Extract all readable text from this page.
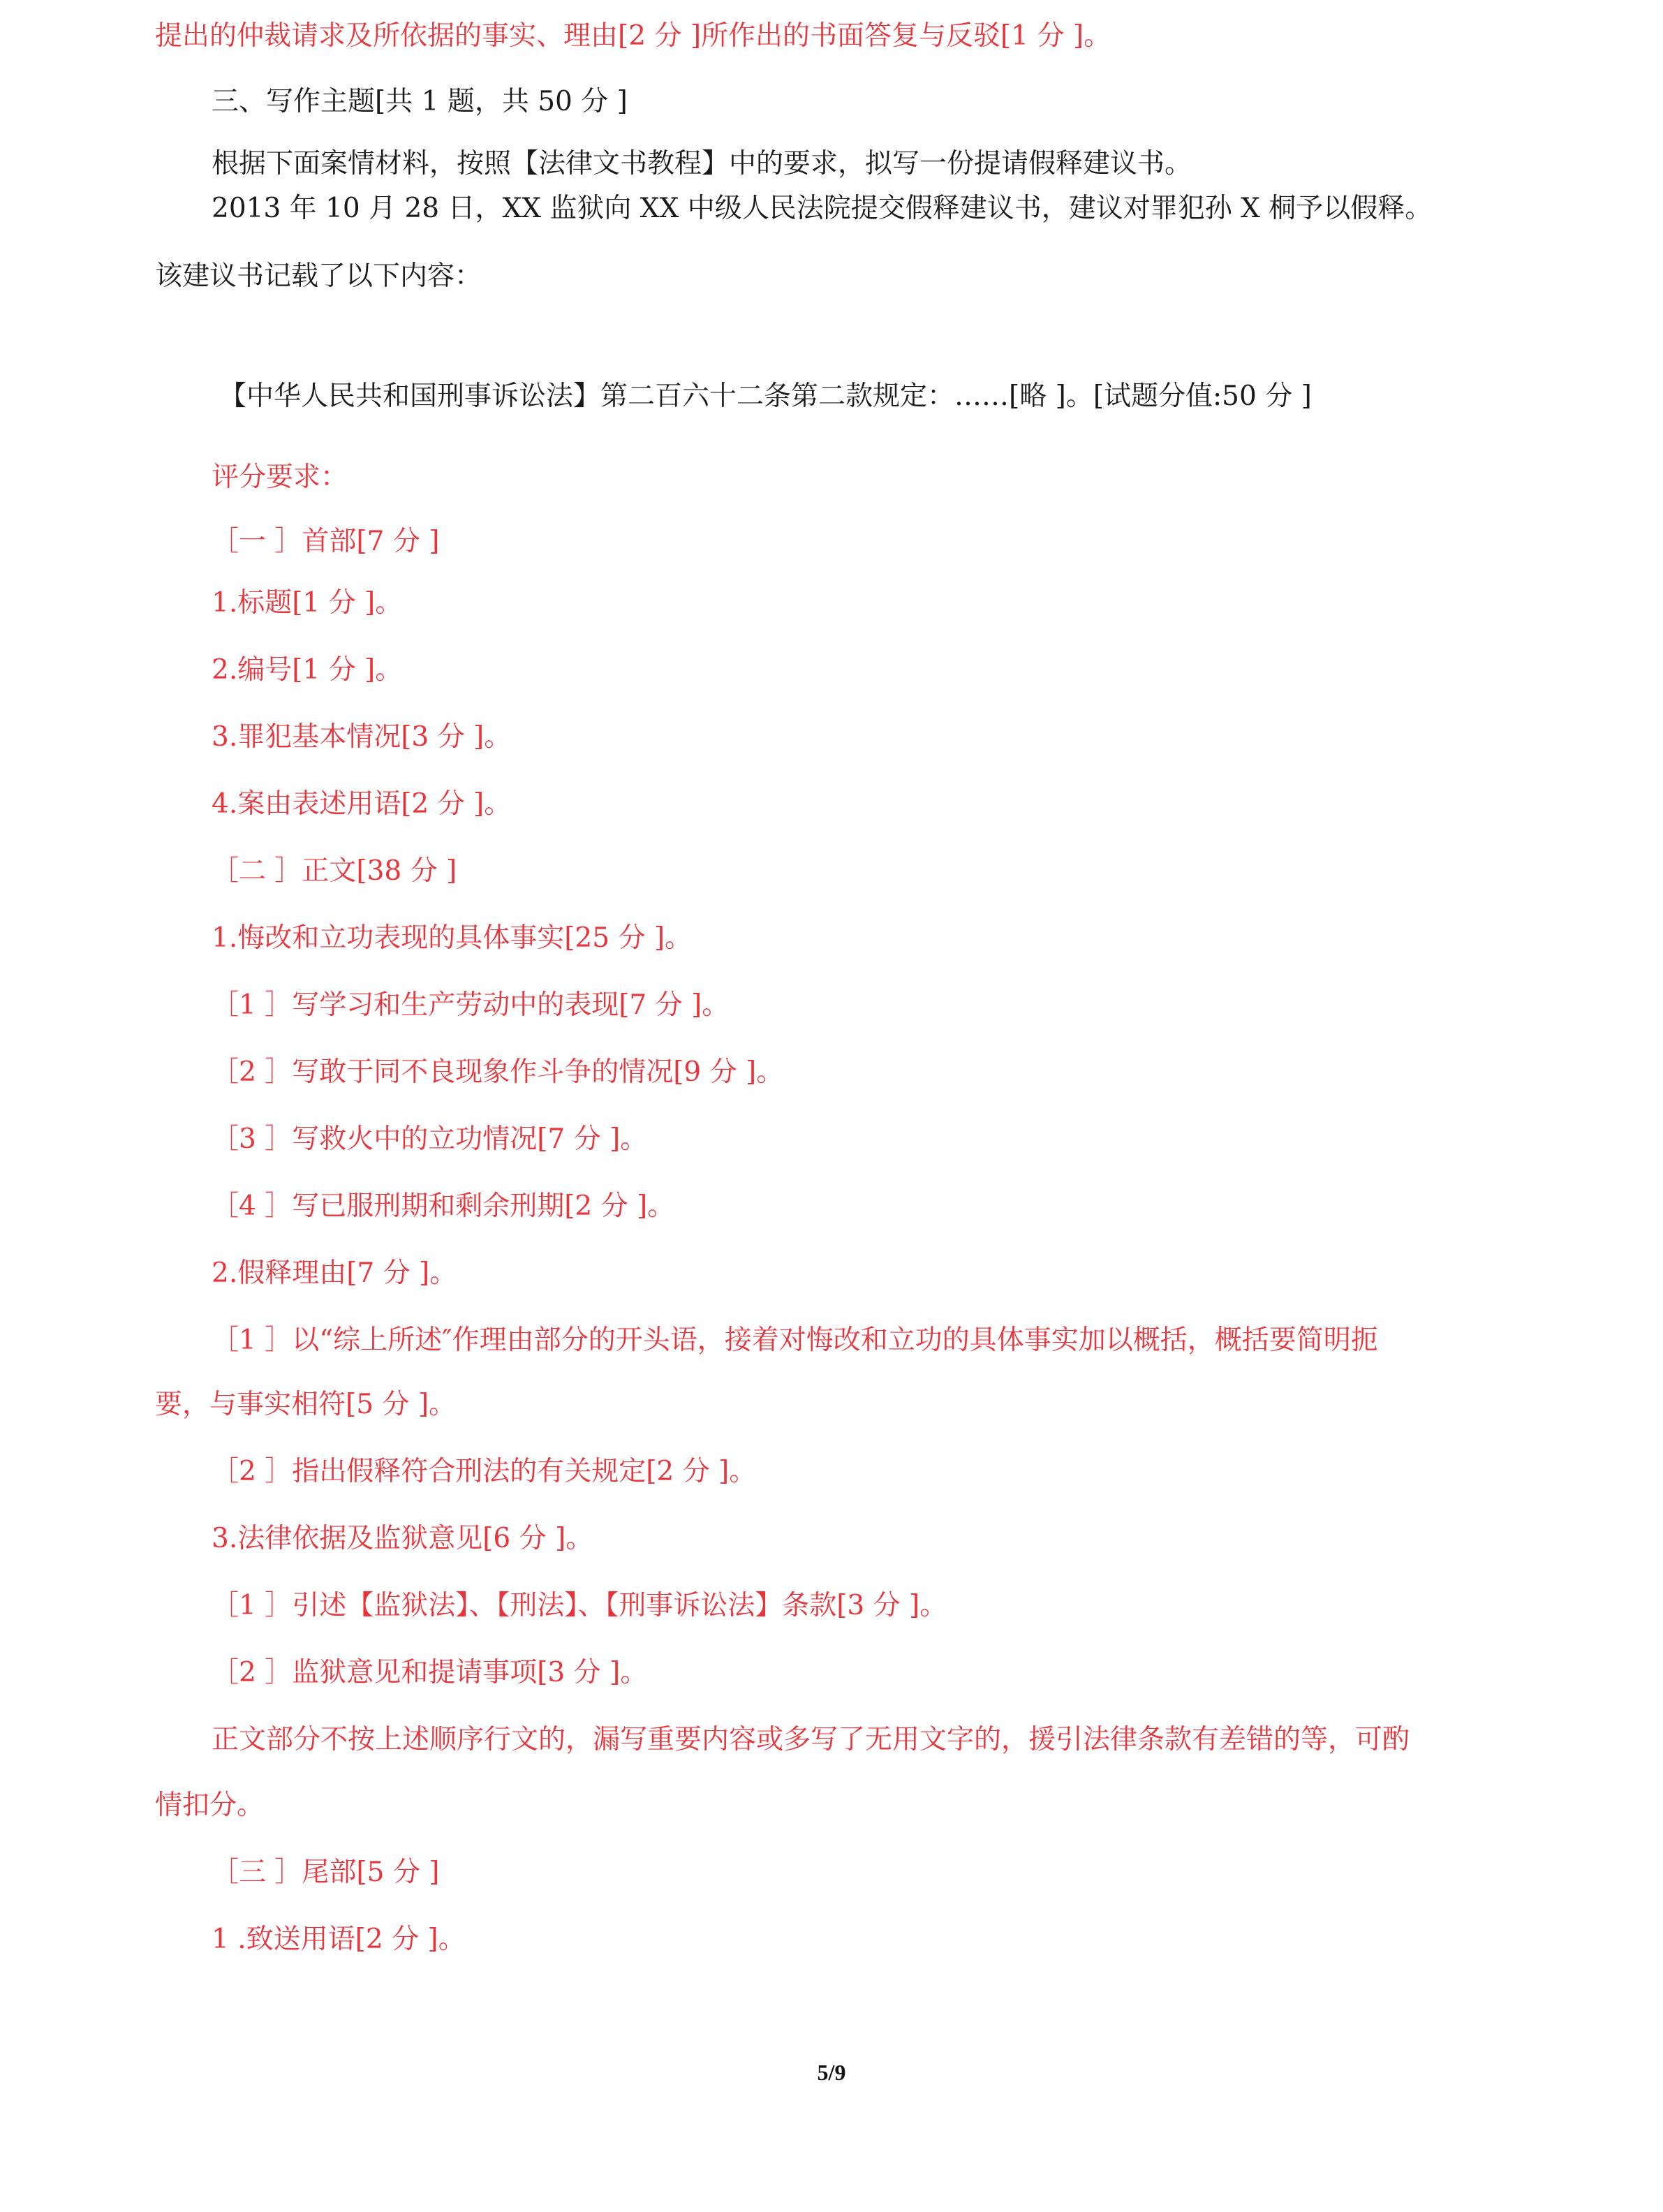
提出的仲裁请求及所依据的事实、理由[2 分 ]所作出的书面答复与反驳[1 分 ]。
三、写作主题[共 1 题，共 50 分 ]
根据下面案情材料，按照【法律文书教程】中的要求，拟写一份提请假释建议书。
2013 年 10 月 28 日，XX 监狱向 XX 中级人民法院提交假释建议书，建议对罪犯孙 X 桐予以假释。
该建议书记载了以下内容：
【中华人民共和国刑事诉讼法】第二百六十二条第二款规定：……[略 ]。[试题分值:50 分 ]
评分要求：
［一 ］首部[7 分 ]
1.标题[1 分 ]。
2.编号[1 分 ]。
3.罪犯基本情况[3 分 ]。
4.案由表述用语[2 分 ]。
［二 ］正文[38 分 ]
1.悔改和立功表现的具体事实[25 分 ]。
［1 ］写学习和生产劳动中的表现[7 分 ]。
［2 ］写敢于同不良现象作斗争的情况[9 分 ]。
［3 ］写救火中的立功情况[7 分 ]。
［4 ］写已服刑期和剩余刑期[2 分 ]。
2.假释理由[7 分 ]。
［1 ］以“综上所述″作理由部分的开头语，接着对悔改和立功的具体事实加以概括，概括要简明扼
要，与事实相符[5 分 ]。
［2 ］指出假释符合刑法的有关规定[2 分 ]。
3.法律依据及监狱意见[6 分 ]。
［1 ］引述【监狱法】、【刑法】、【刑事诉讼法】条款[3 分 ]。
［2 ］监狱意见和提请事项[3 分 ]。
正文部分不按上述顺序行文的，漏写重要内容或多写了无用文字的，援引法律条款有差错的等，可酌
情扣分。
［三 ］尾部[5 分 ]
1 .致送用语[2 分 ]。
5/9
